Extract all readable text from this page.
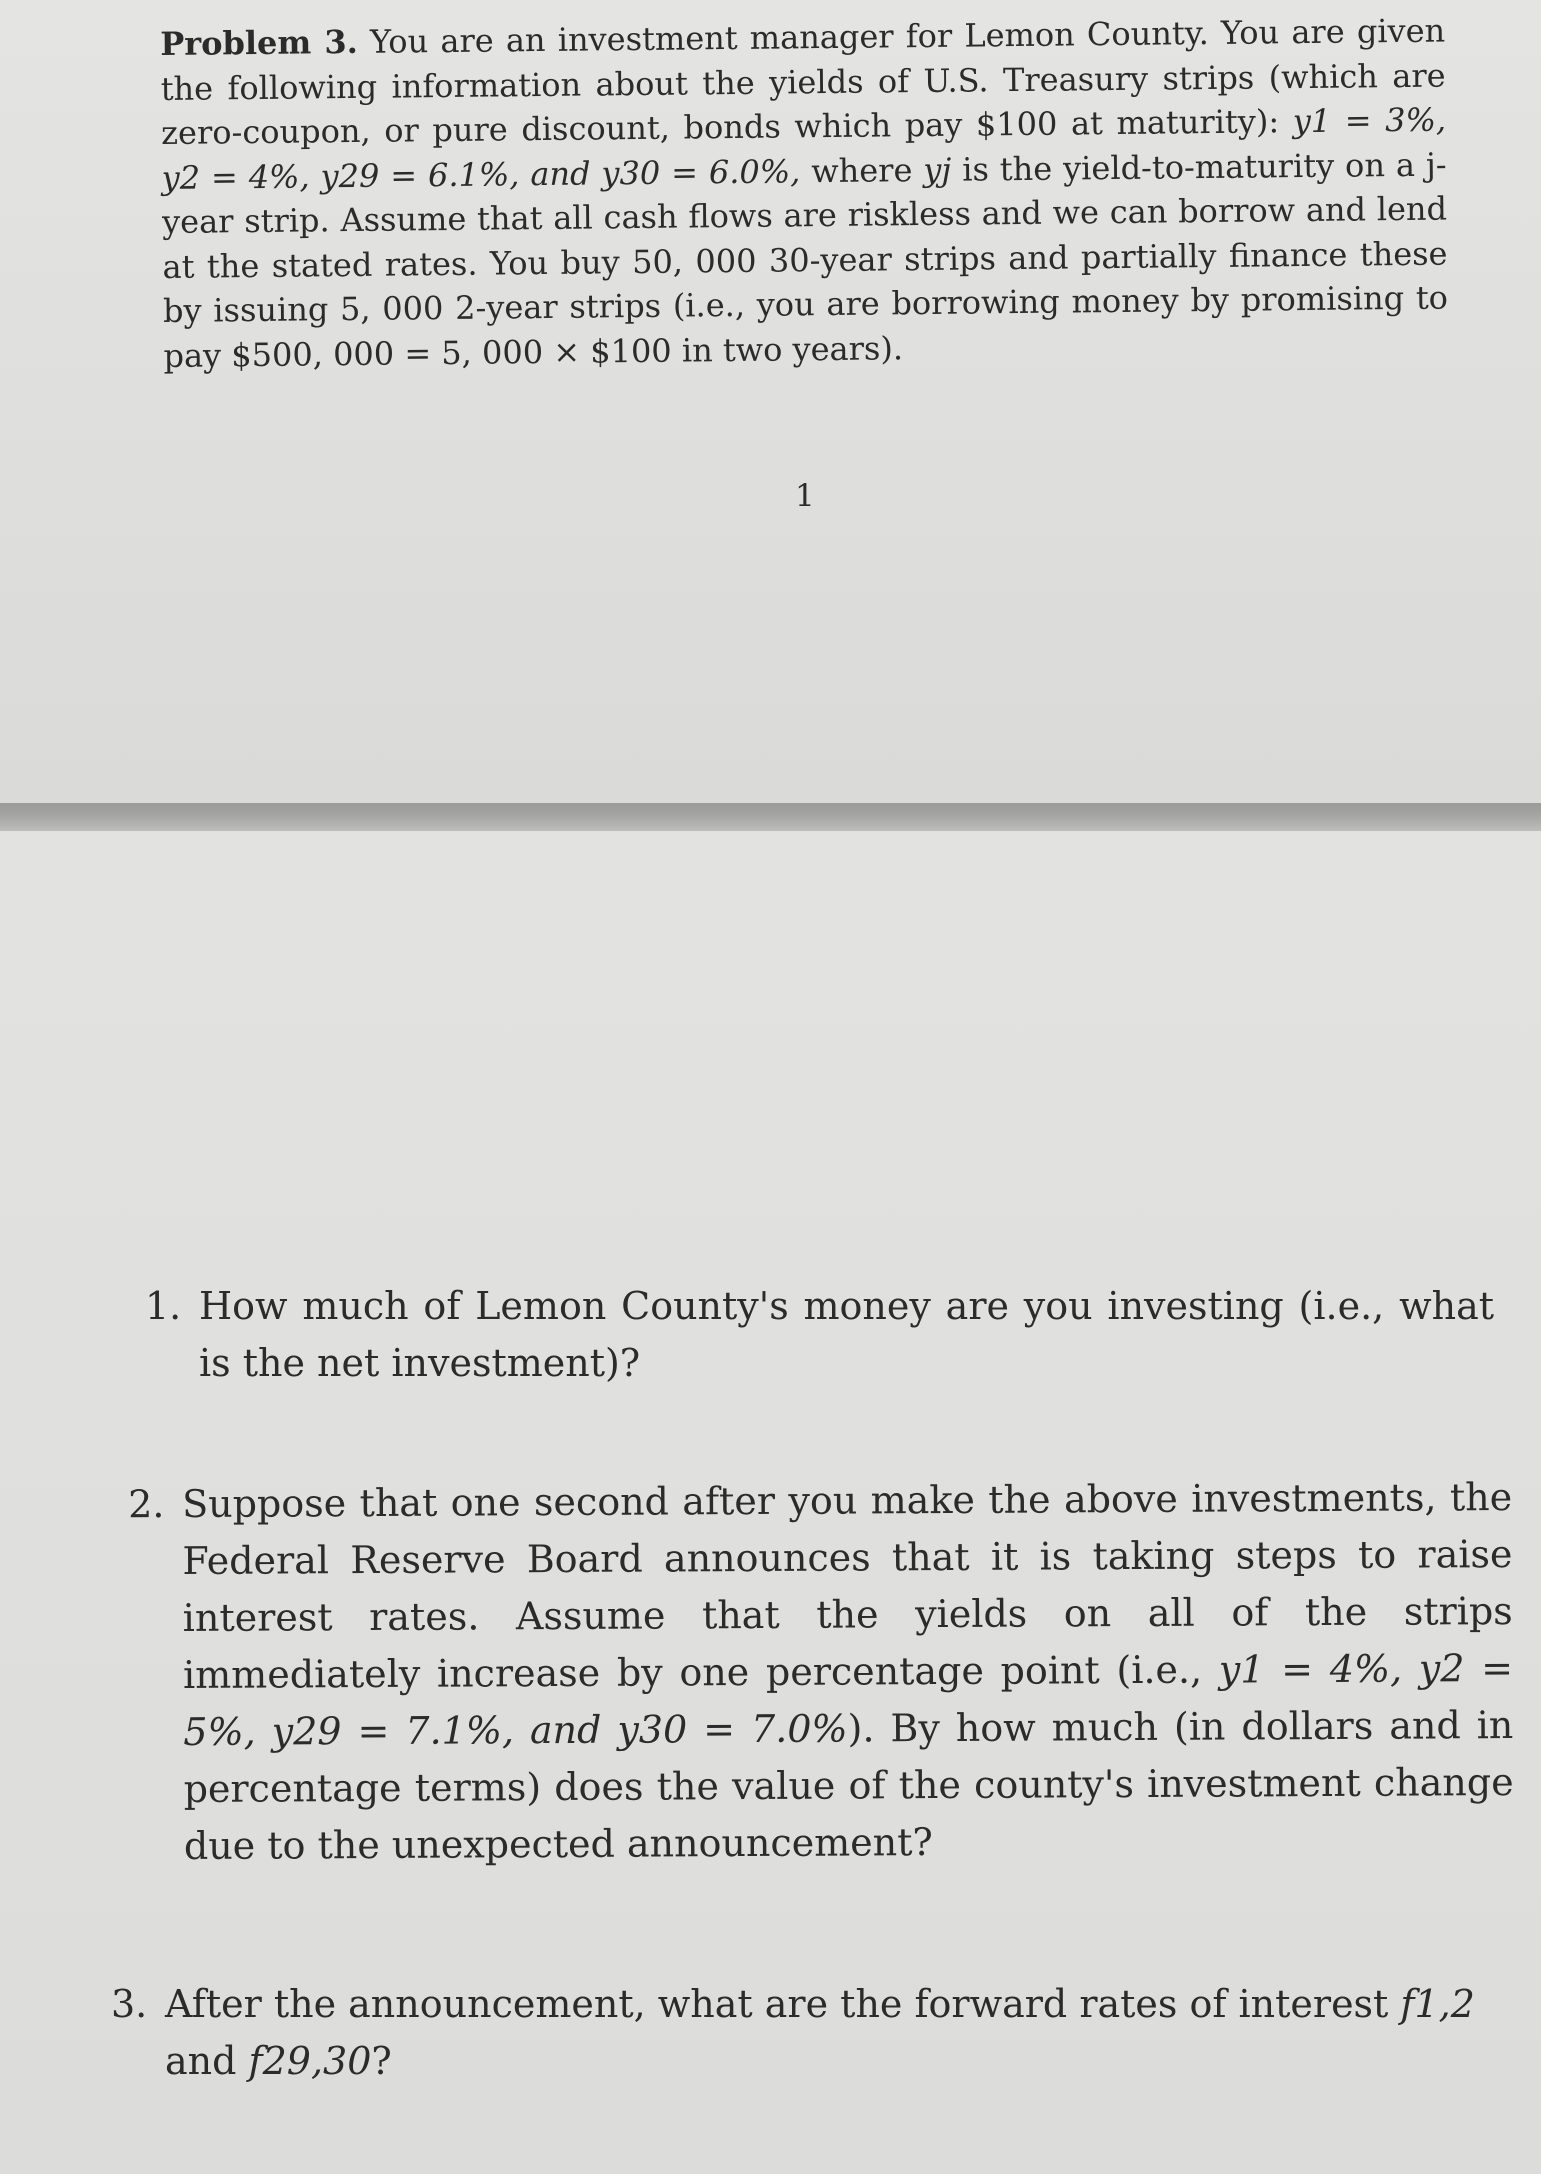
Problem 3. You are an investment manager for Lemon County. You are given the following information about the yields of U.S. Treasury strips (which are zero-coupon, or pure discount, bonds which pay $100 at maturity): y1 = 3%, y2 = 4%, y29 = 6.1%, and y30 = 6.0%, where yj is the yield-to-maturity on a j-year strip. Assume that all cash flows are riskless and we can borrow and lend at the stated rates. You buy 50, 000 30-year strips and partially finance these by issuing 5, 000 2-year strips (i.e., you are borrowing money by promising to pay $500, 000 = 5, 000 × $100 in two years).

1
1. How much of Lemon County's money are you investing (i.e., what is the net investment)?
2. Suppose that one second after you make the above investments, the Federal Reserve Board announces that it is taking steps to raise interest rates. Assume that the yields on all of the strips immediately increase by one percentage point (i.e., y1 = 4%, y2 = 5%, y29 = 7.1%, and y30 = 7.0%). By how much (in dollars and in percentage terms) does the value of the county's investment change due to the unexpected announcement?
3. After the announcement, what are the forward rates of interest f1,2 and f29,30?
